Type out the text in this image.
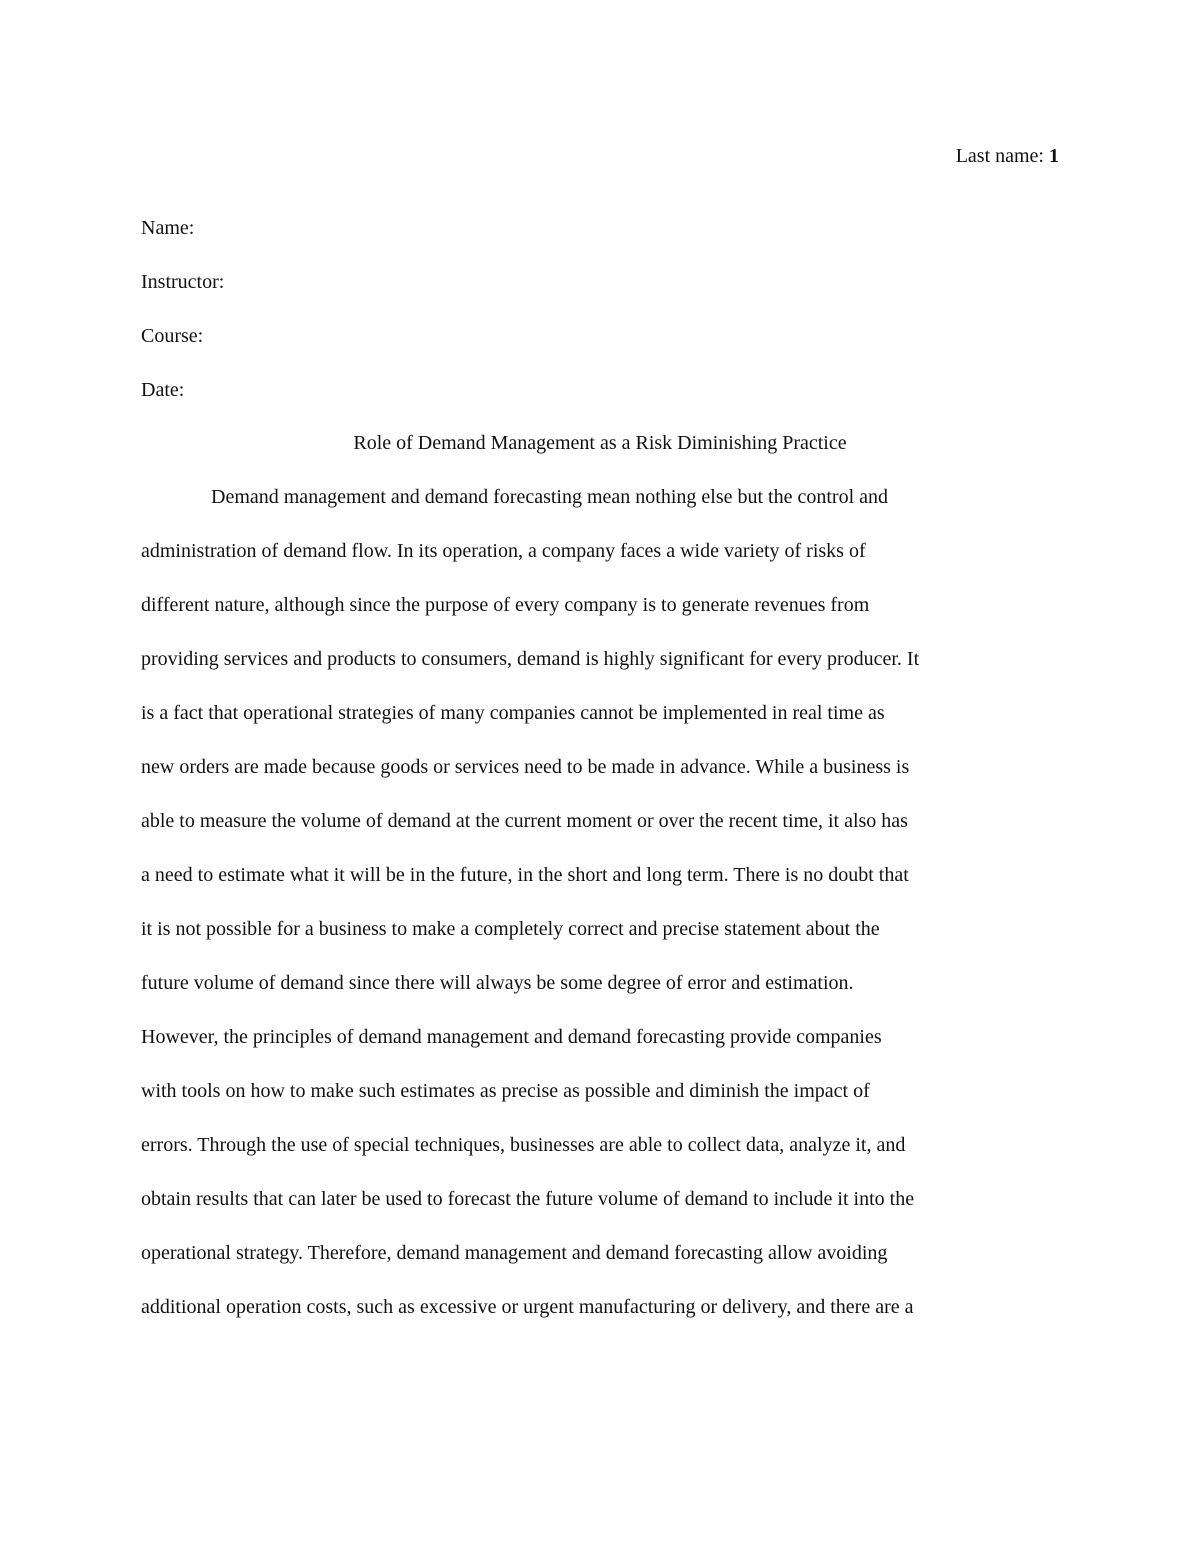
Last name: 1
Name:
Instructor:
Course:
Date:
Role of Demand Management as a Risk Diminishing Practice
Demand management and demand forecasting mean nothing else but the control and
administration of demand flow. In its operation, a company faces a wide variety of risks of
different nature, although since the purpose of every company is to generate revenues from
providing services and products to consumers, demand is highly significant for every producer. It
is a fact that operational strategies of many companies cannot be implemented in real time as
new orders are made because goods or services need to be made in advance. While a business is
able to measure the volume of demand at the current moment or over the recent time, it also has
a need to estimate what it will be in the future, in the short and long term. There is no doubt that
it is not possible for a business to make a completely correct and precise statement about the
future volume of demand since there will always be some degree of error and estimation.
However, the principles of demand management and demand forecasting provide companies
with tools on how to make such estimates as precise as possible and diminish the impact of
errors. Through the use of special techniques, businesses are able to collect data, analyze it, and
obtain results that can later be used to forecast the future volume of demand to include it into the
operational strategy. Therefore, demand management and demand forecasting allow avoiding
additional operation costs, such as excessive or urgent manufacturing or delivery, and there are a
